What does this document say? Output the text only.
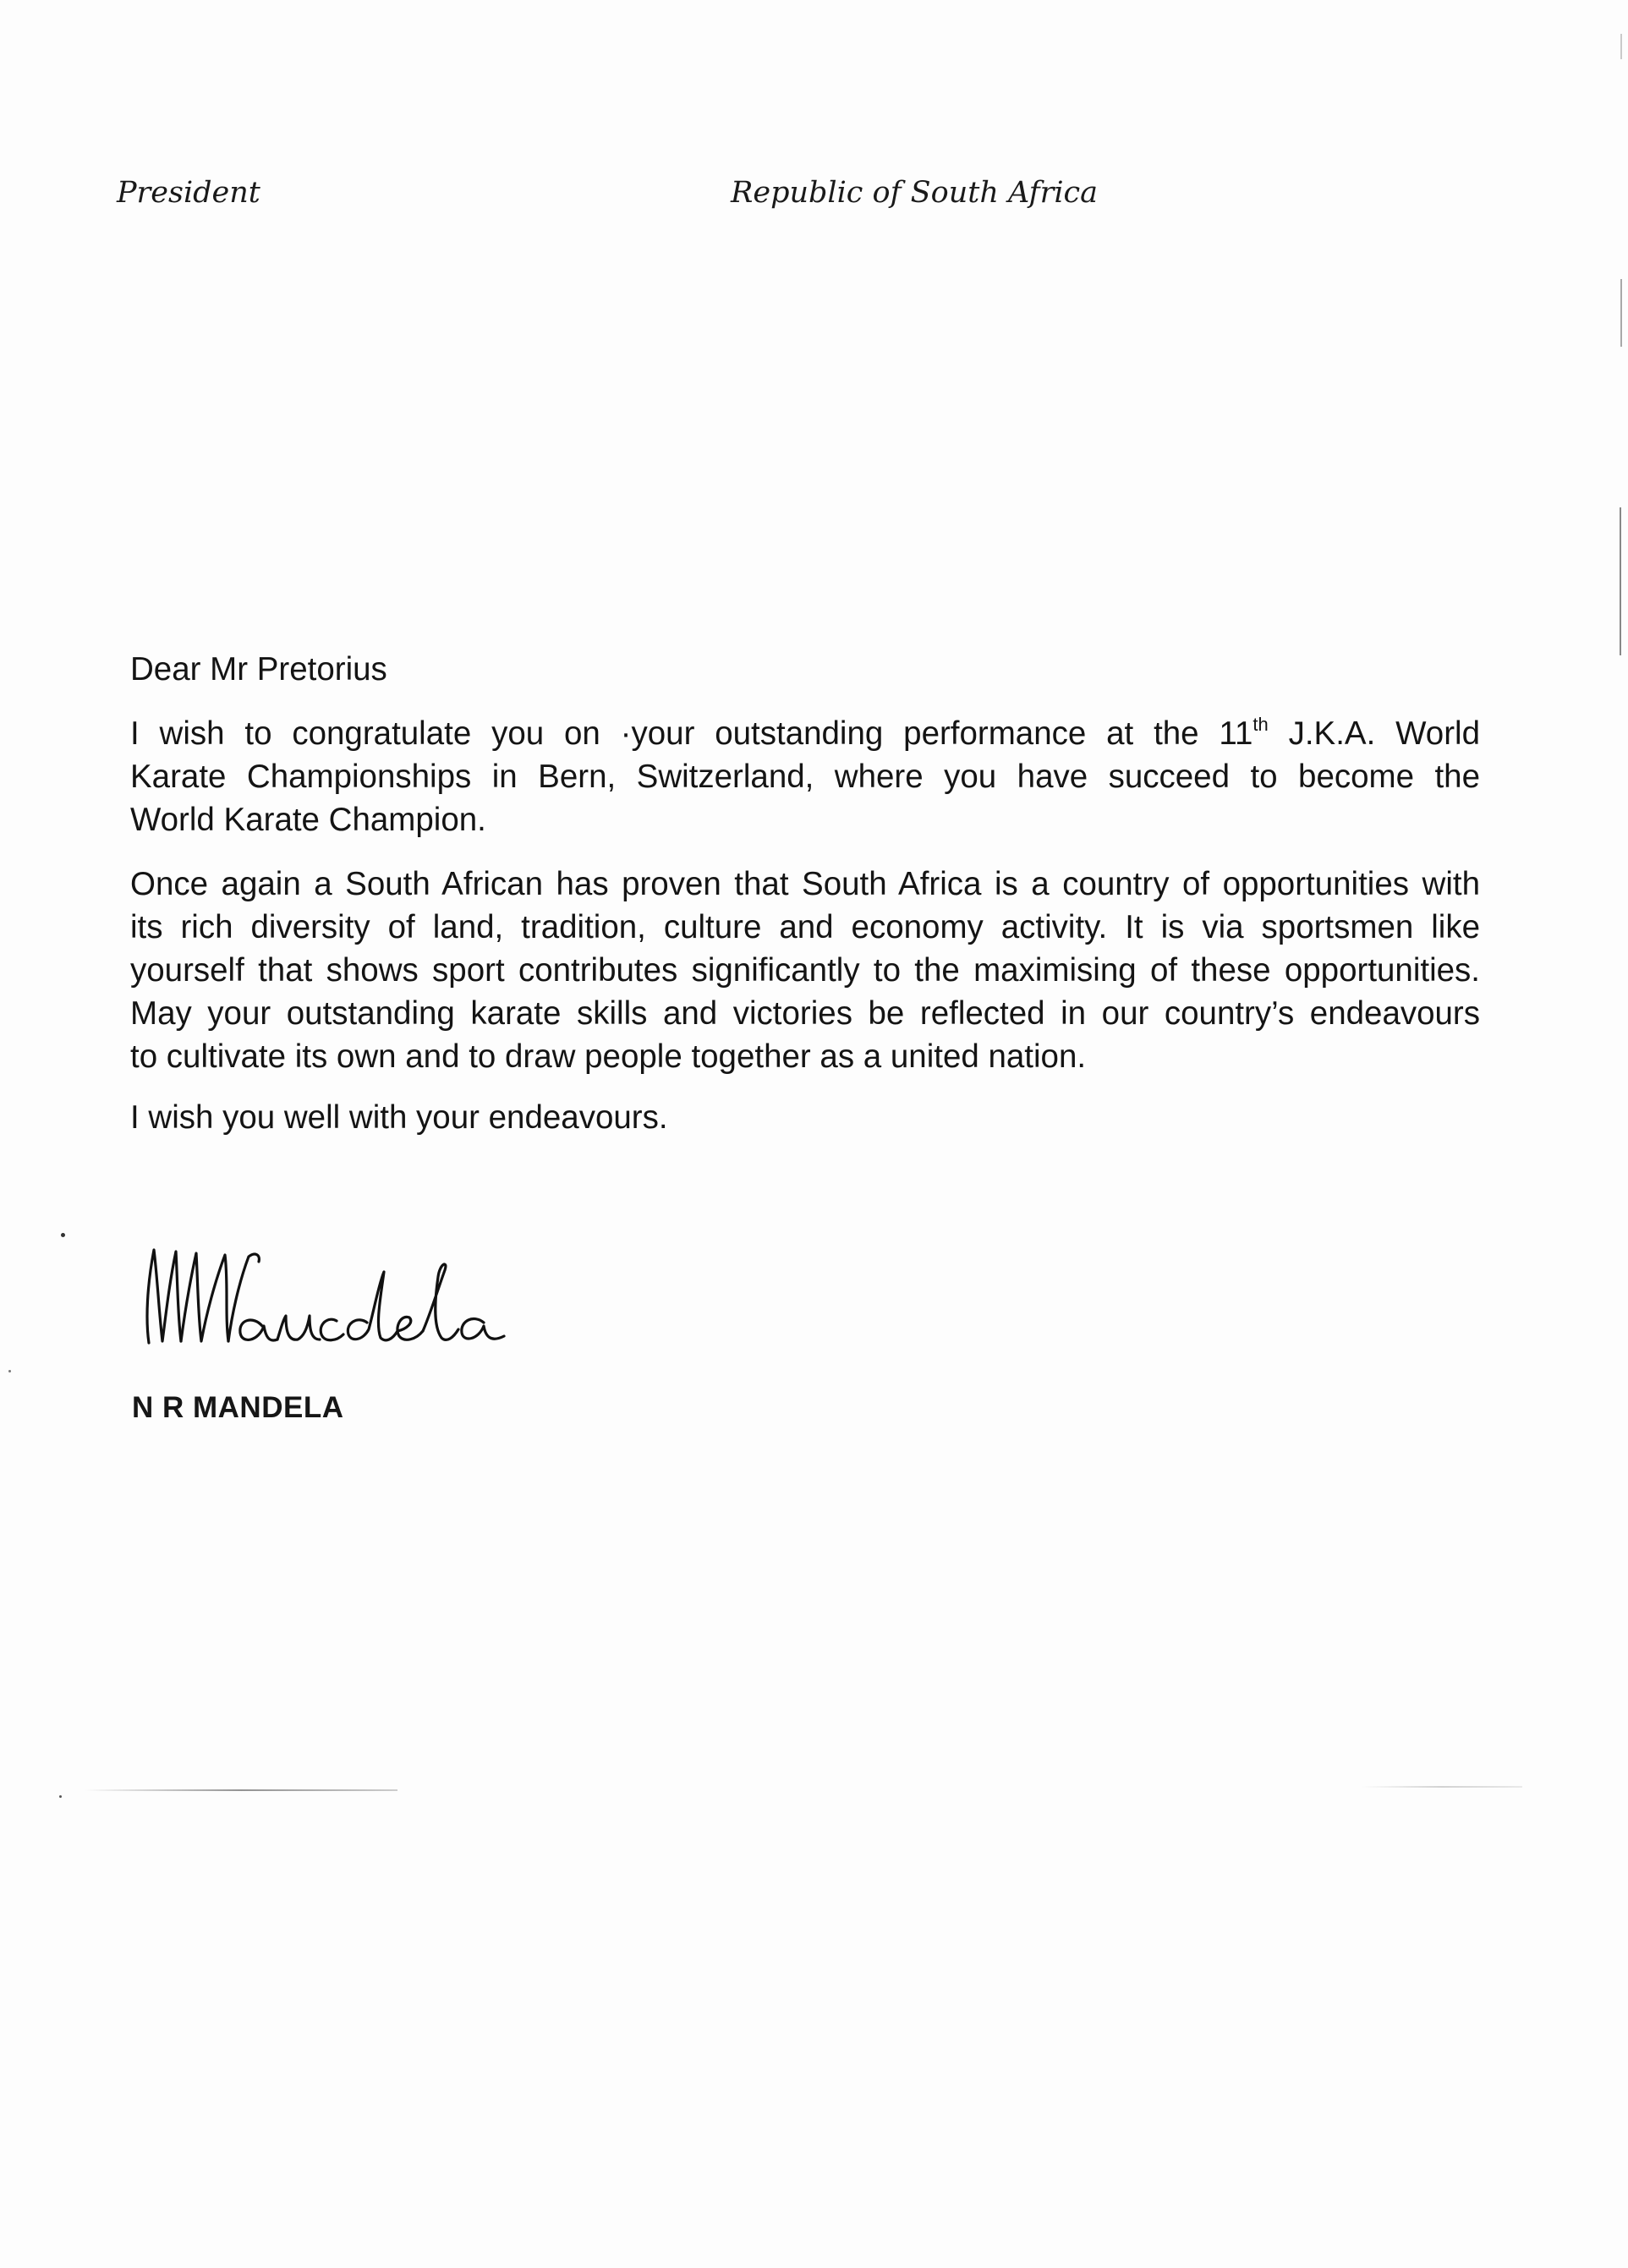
President	Republic of South Africa
Dear Mr Pretorius
I wish to congratulate you on ·your outstanding performance at the 11th J.K.A. World
Karate Championships in Bern, Switzerland, where you have succeed to become the
World Karate Champion.
Once again a South African has proven that South Africa is a country of opportunities with
its rich diversity of land, tradition, culture and economy activity. It is via sportsmen like
yourself that shows sport contributes significantly to the maximising of these opportunities.
May your outstanding karate skills and victories be reflected in our country’s endeavours
to cultivate its own and to draw people together as a united nation.
I wish you well with your endeavours.
N R MANDELA
